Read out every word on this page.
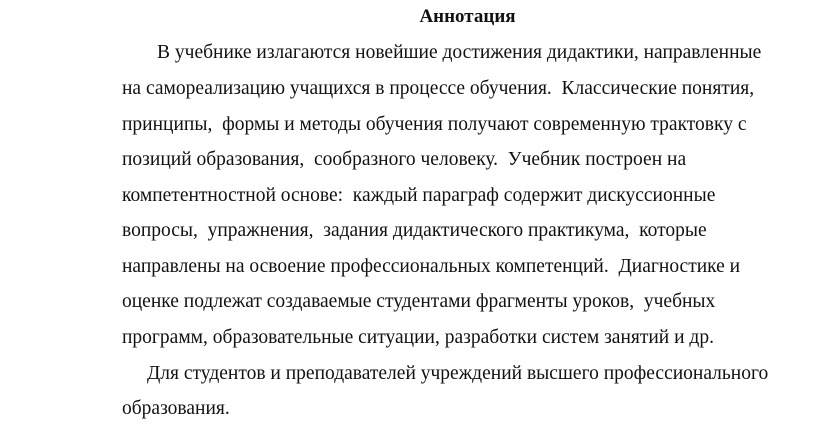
Аннотация
В учебнике излагаются новейшие достижения дидактики, направленные
на самореализацию учащихся в процессе обучения.  Классические понятия,
принципы,  формы и методы обучения получают современную трактовку с
позиций образования,  сообразного человеку.  Учебник построен на
компетентностной основе:  каждый параграф содержит дискуссионные
вопросы,  упражнения,  задания дидактического практикума,  которые
направлены на освоение профессиональных компетенций.  Диагностике и
оценке подлежат создаваемые студентами фрагменты уроков,  учебных
программ, образовательные ситуации, разработки систем занятий и др.
Для студентов и преподавателей учреждений высшего профессионального
образования.
